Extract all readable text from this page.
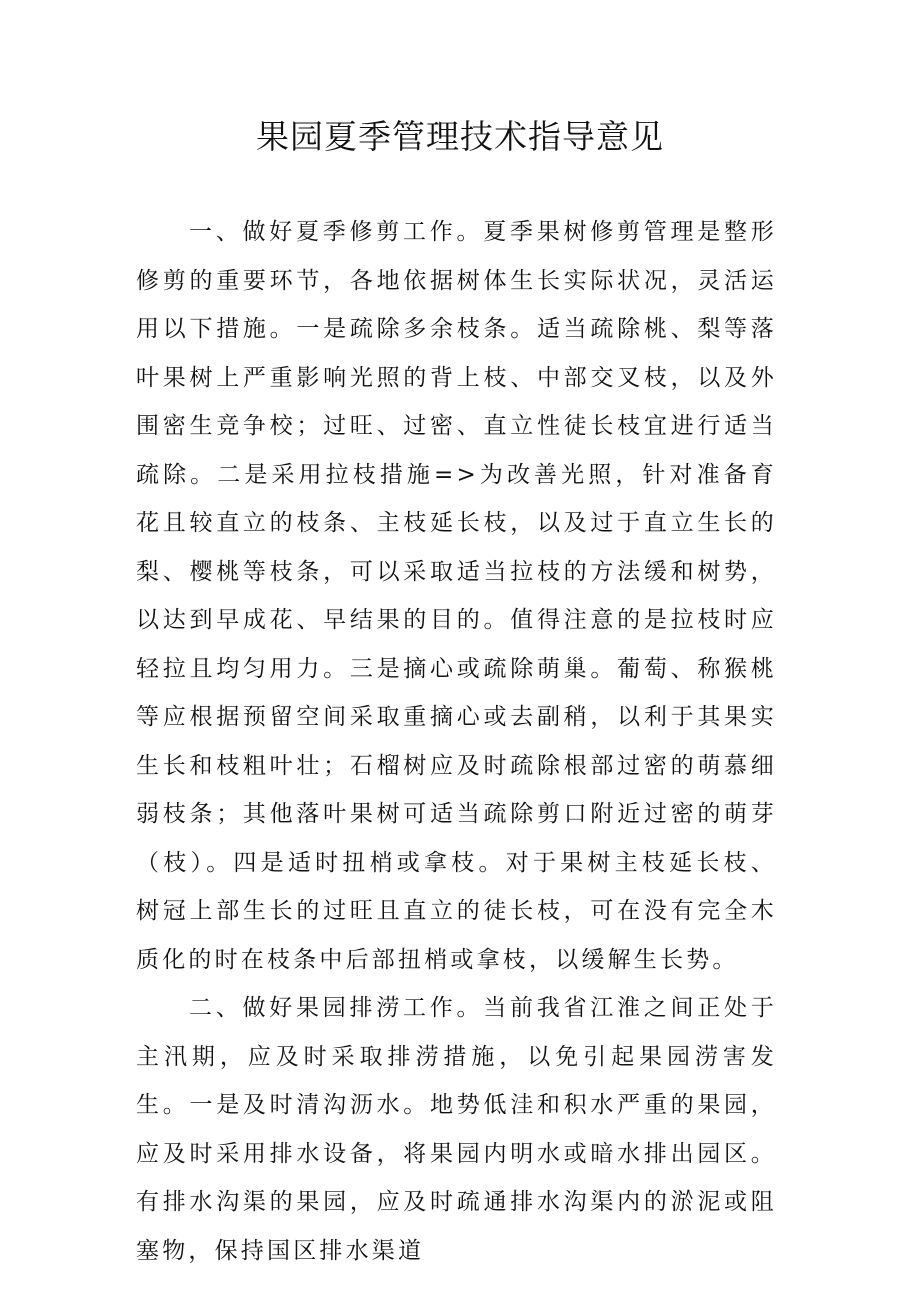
果园夏季管理技术指导意见

一、做好夏季修剪工作。夏季果树修剪管理是整形修剪的重要环节，各地依据树体生长实际状况，灵活运用以下措施。一是疏除多余枝条。适当疏除桃、梨等落叶果树上严重影响光照的背上枝、中部交叉枝，以及外围密生竞争校；过旺、过密、直立性徒长枝宜进行适当疏除。二是采用拉枝措施=>为改善光照，针对准备育花且较直立的枝条、主枝延长枝，以及过于直立生长的梨、樱桃等枝条，可以采取适当拉枝的方法缓和树势，以达到早成花、早结果的目的。值得注意的是拉枝时应轻拉且均匀用力。三是摘心或疏除萌巢。葡萄、称猴桃等应根据预留空间采取重摘心或去副稍，以利于其果实生长和枝粗叶壮；石榴树应及时疏除根部过密的萌慕细弱枝条；其他落叶果树可适当疏除剪口附近过密的萌芽（枝）。四是适时扭梢或拿枝。对于果树主枝延长枝、树冠上部生长的过旺且直立的徒长枝，可在没有完全木质化的时在枝条中后部扭梢或拿枝，以缓解生长势。

二、做好果园排涝工作。当前我省江淮之间正处于主汛期，应及时采取排涝措施，以免引起果园涝害发生。一是及时清沟沥水。地势低洼和积水严重的果园，应及时采用排水设备，将果园内明水或暗水排出园区。有排水沟渠的果园，应及时疏通排水沟渠内的淤泥或阻塞物，保持国区排水渠道
